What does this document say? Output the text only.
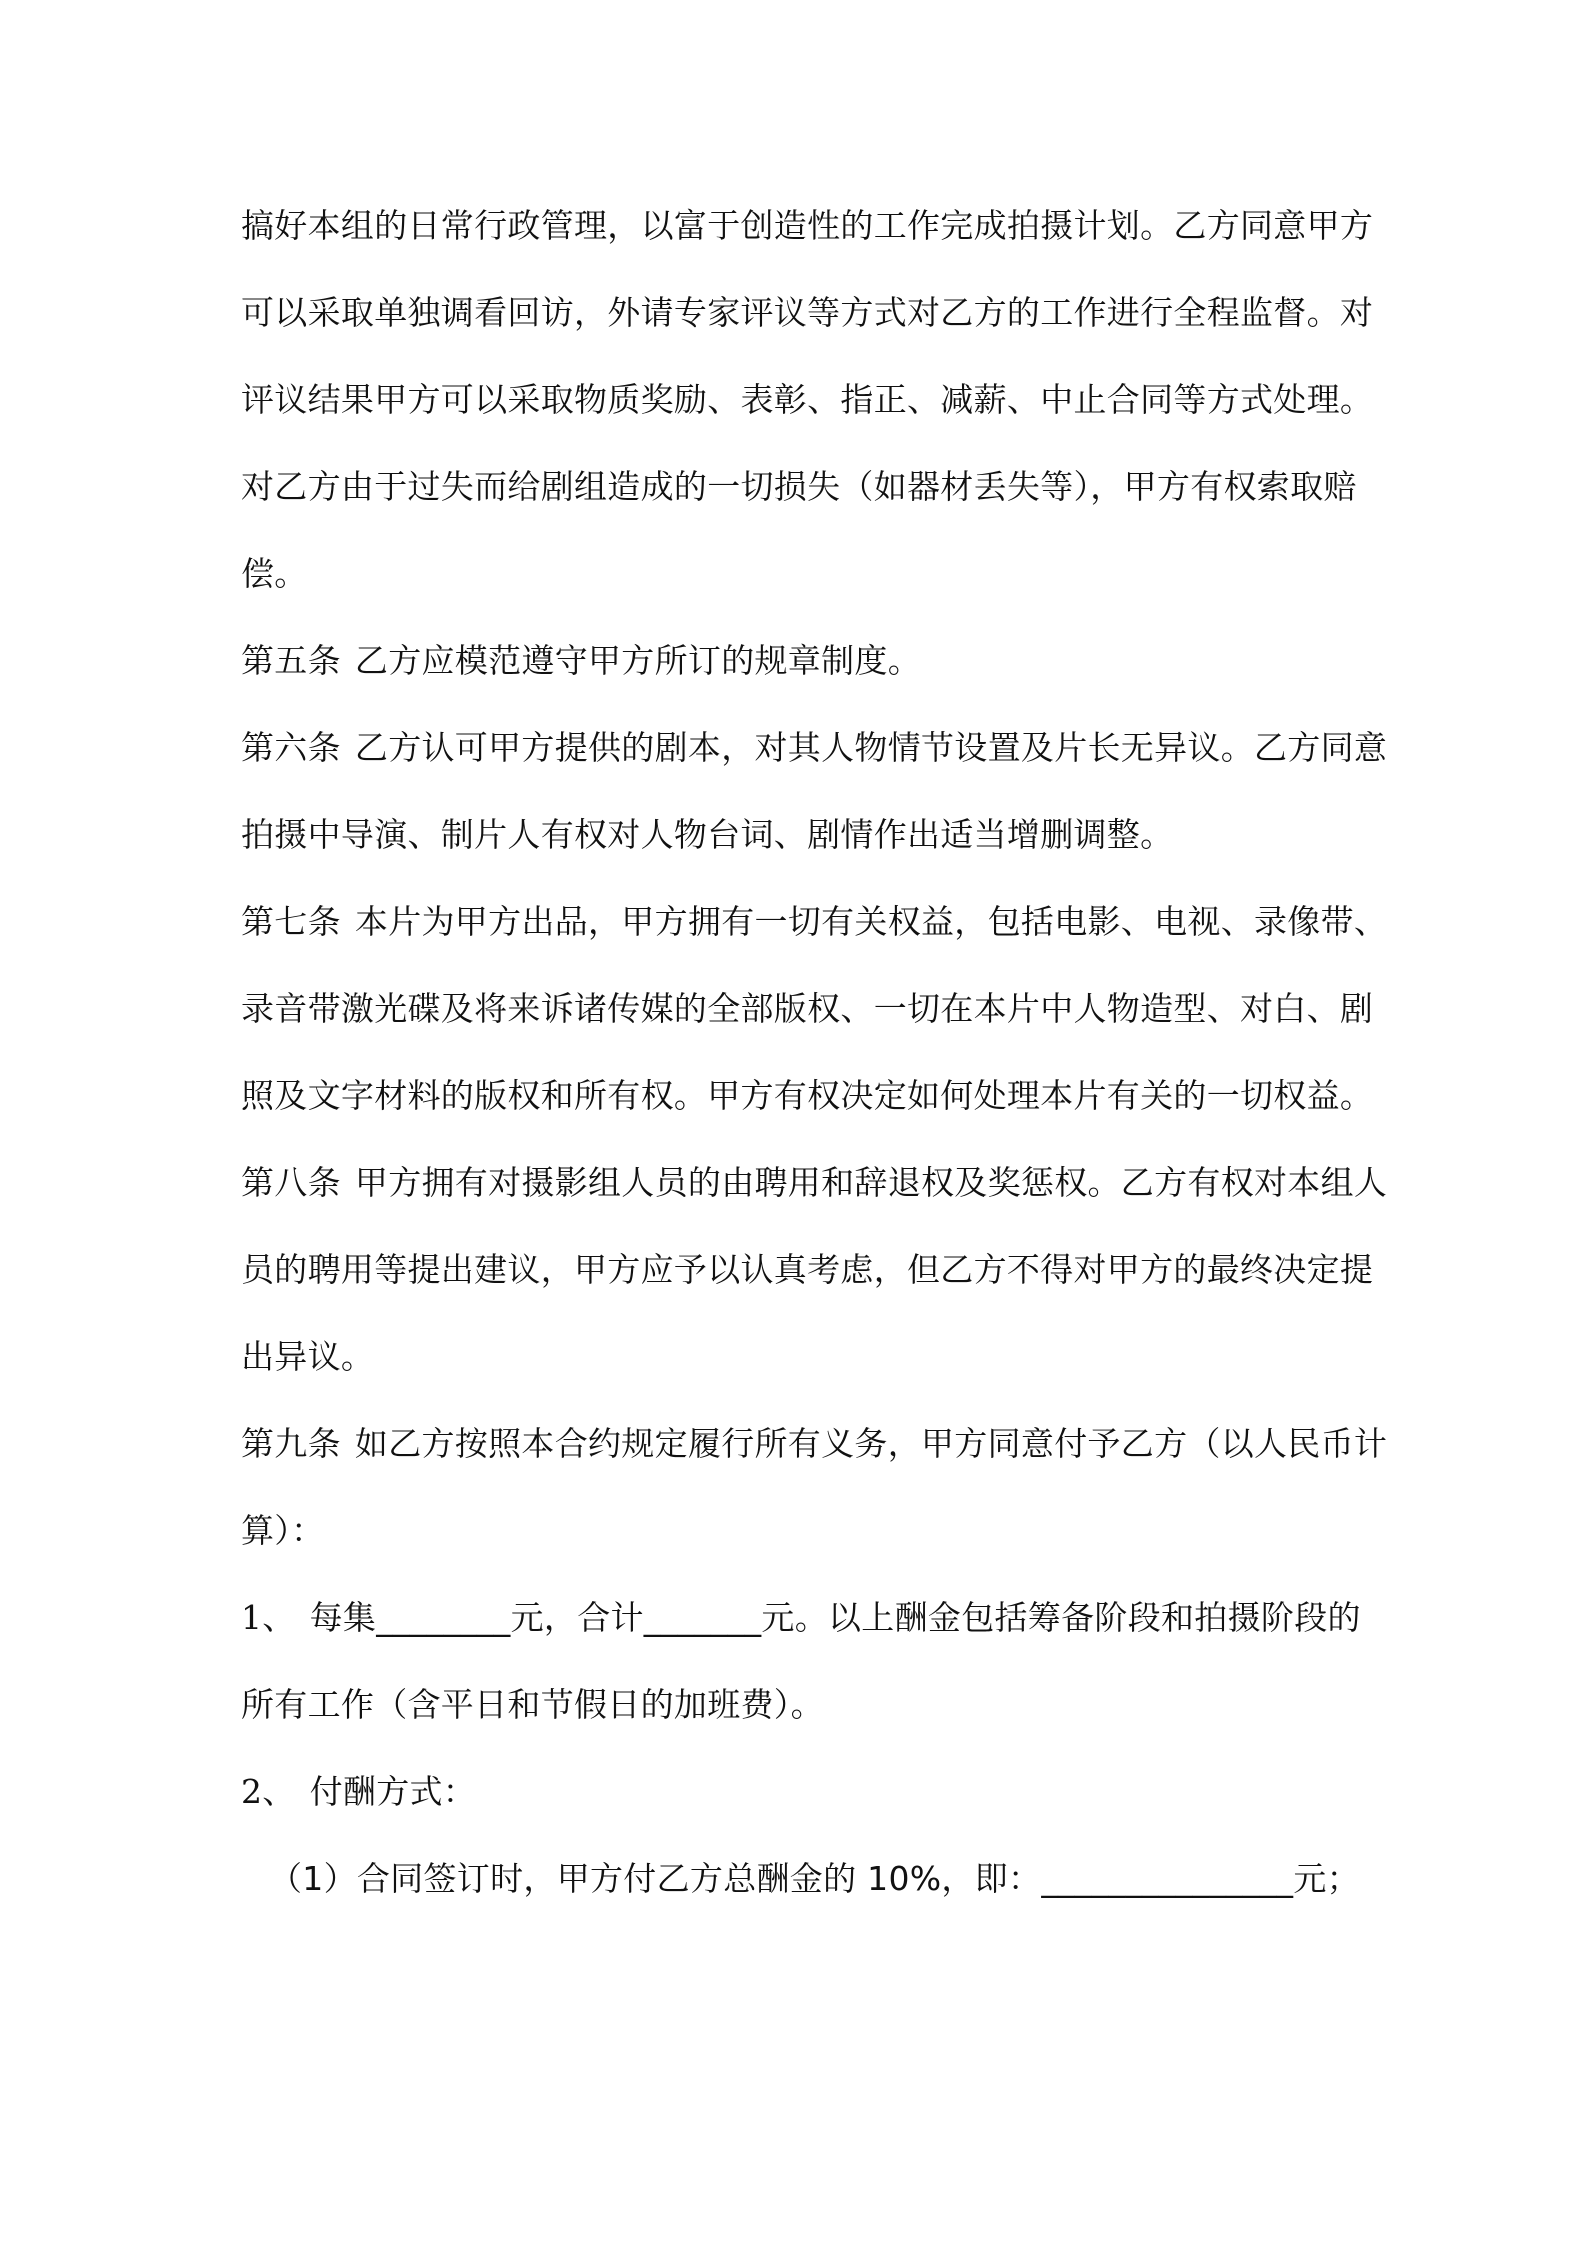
搞好本组的日常行政管理，以富于创造性的工作完成拍摄计划。乙方同意甲方
可以采取单独调看回访，外请专家评议等方式对乙方的工作进行全程监督。对
评议结果甲方可以采取物质奖励、表彰、指正、减薪、中止合同等方式处理。
对乙方由于过失而给剧组造成的一切损失（如器材丢失等），甲方有权索取赔
偿。
第五条 乙方应模范遵守甲方所订的规章制度。
第六条 乙方认可甲方提供的剧本，对其人物情节设置及片长无异议。乙方同意
拍摄中导演、制片人有权对人物台词、剧情作出适当增删调整。
第七条 本片为甲方出品，甲方拥有一切有关权益，包括电影、电视、录像带、
录音带激光碟及将来诉诸传媒的全部版权、一切在本片中人物造型、对白、剧
照及文字材料的版权和所有权。甲方有权决定如何处理本片有关的一切权益。
第八条 甲方拥有对摄影组人员的由聘用和辞退权及奖惩权。乙方有权对本组人
员的聘用等提出建议，甲方应予以认真考虑，但乙方不得对甲方的最终决定提
出异议。
第九条 如乙方按照本合约规定履行所有义务，甲方同意付予乙方（以人民币计
算）：
1、 每集________元，合计_______元。以上酬金包括筹备阶段和拍摄阶段的
所有工作（含平日和节假日的加班费）。
2、 付酬方式：
（1）合同签订时，甲方付乙方总酬金的 10%，即：_______________元；
